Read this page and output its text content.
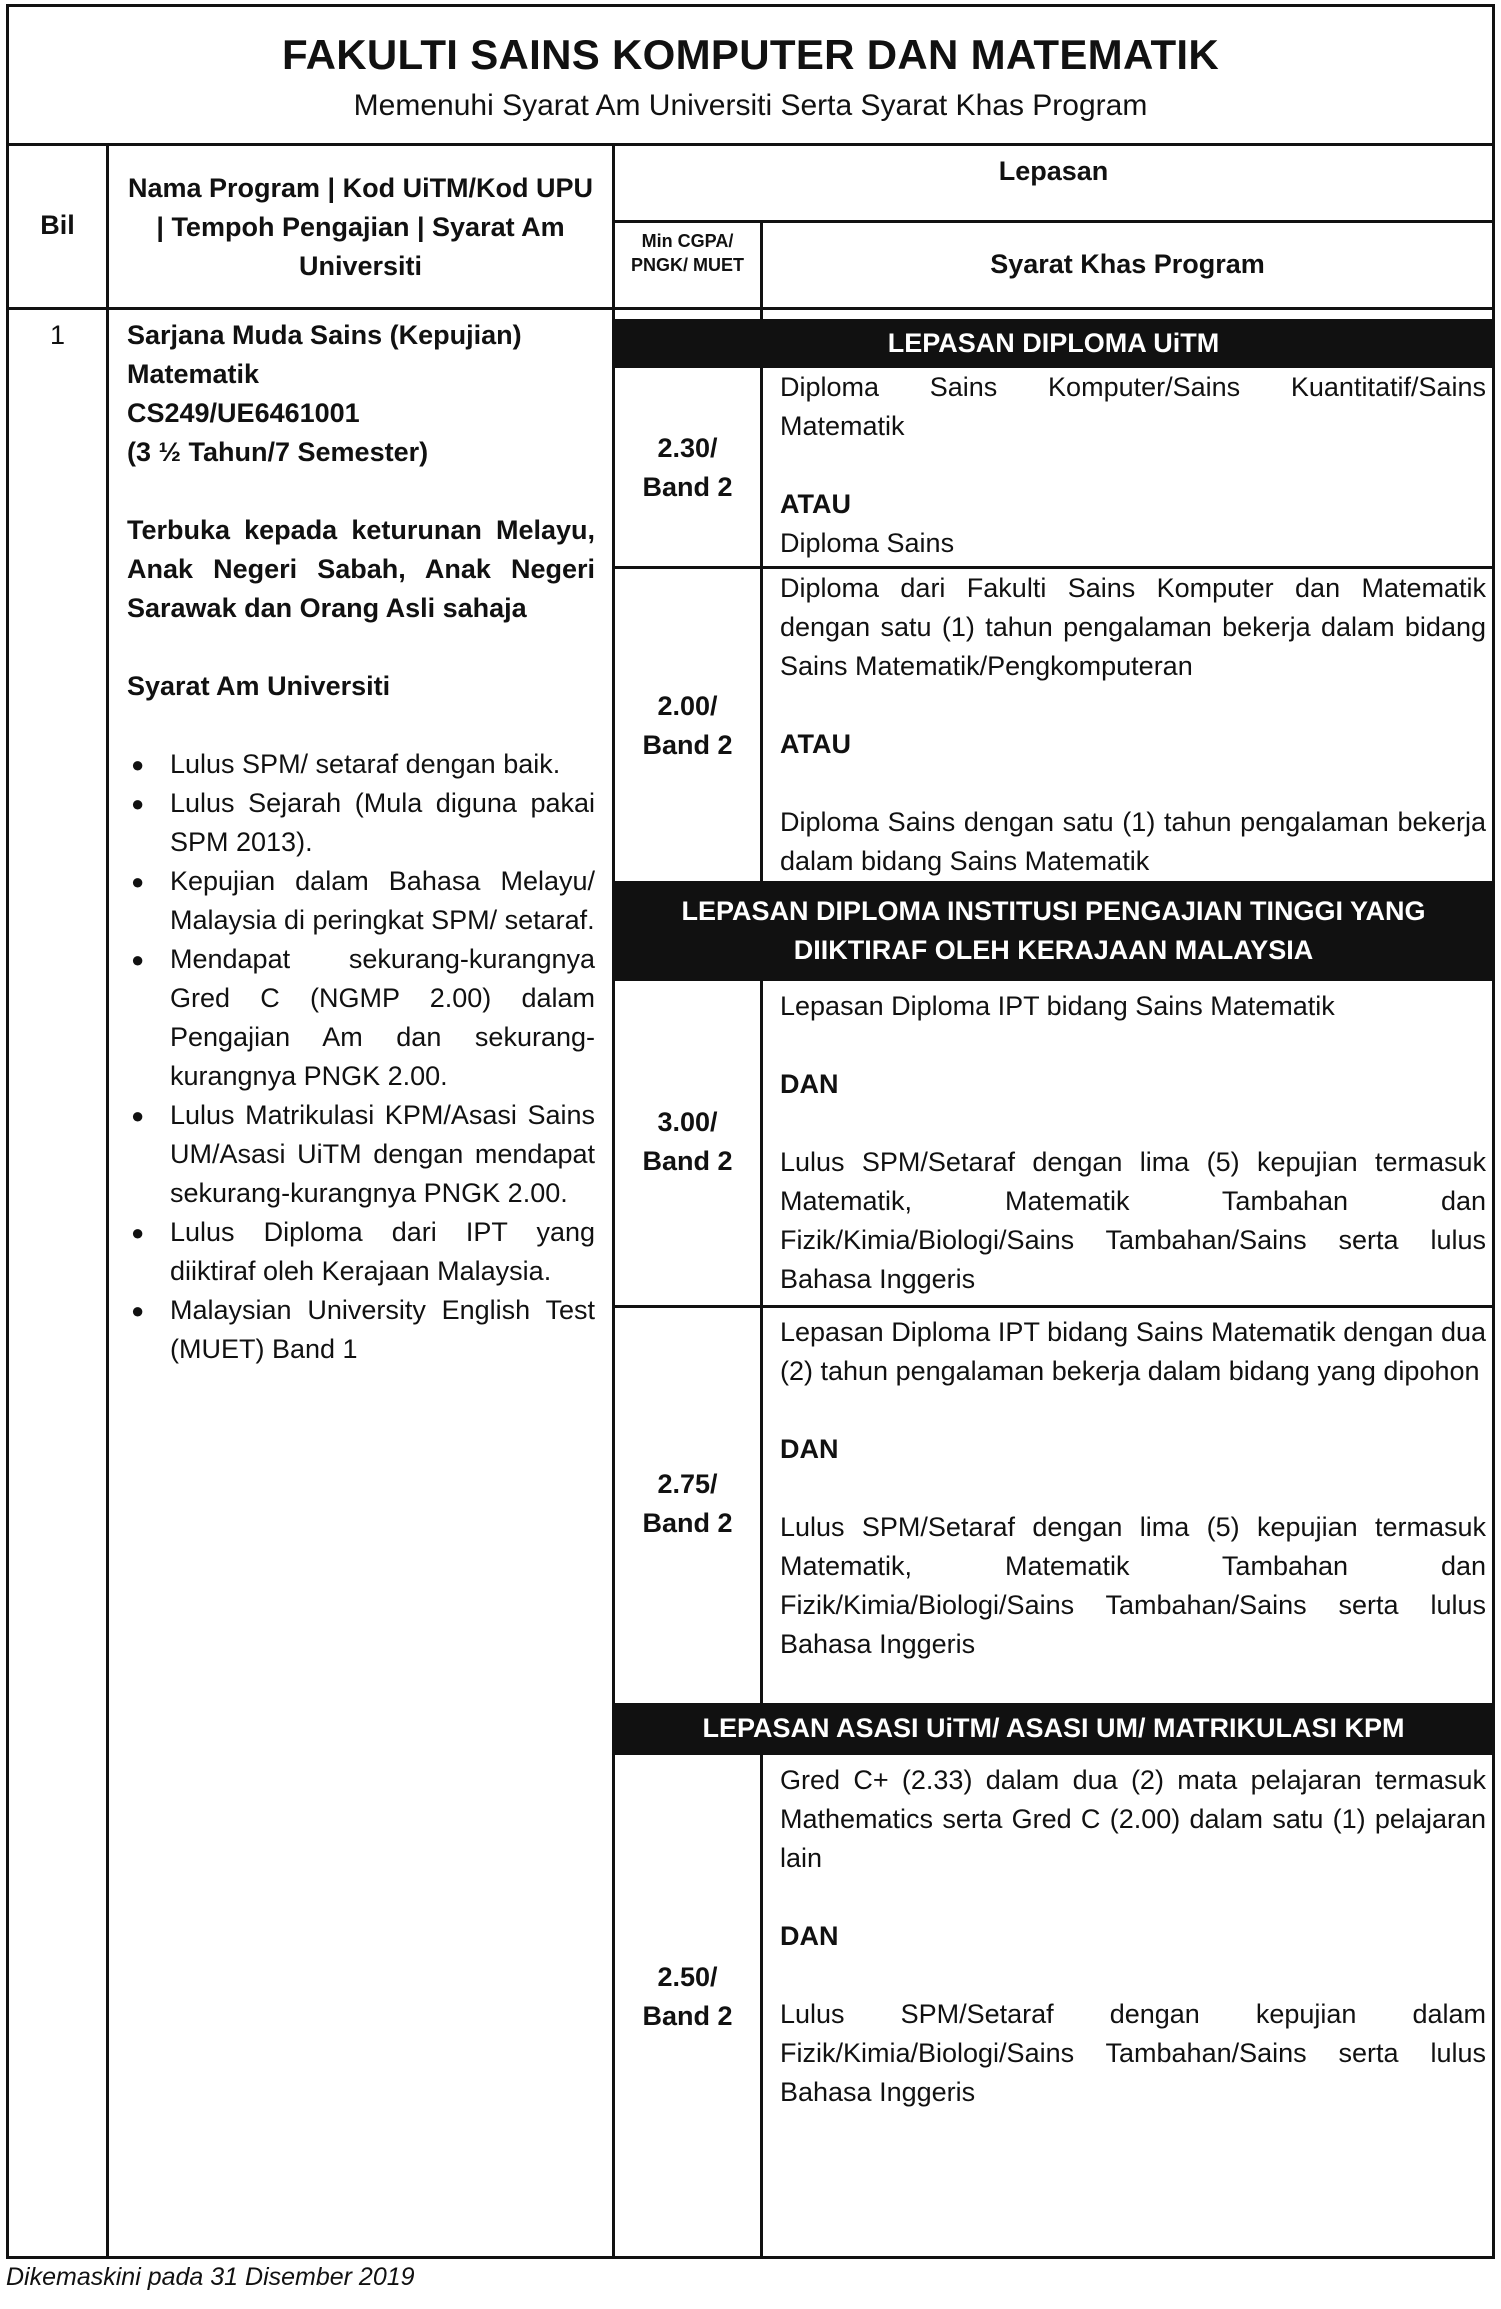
FAKULTI SAINS KOMPUTER DAN MATEMATIK
Memenuhi Syarat Am Universiti Serta Syarat Khas Program
Bil
Nama Program | Kod UiTM/Kod UPU | Tempoh Pengajian | Syarat Am Universiti
Lepasan
Min CGPA/ PNGK/ MUET	Syarat Khas Program
1	Sarjana Muda Sains (Kepujian) Matematik

CS249/UE6461001

(3 ½ Tahun/7 Semester)

Terbuka kepada keturunan Melayu, Anak Negeri Sabah, Anak Negeri Sarawak dan Orang Asli sahaja

Syarat Am Universiti

● Lulus SPM/ setaraf dengan baik.
● Lulus Sejarah (Mula diguna pakai SPM 2013).
● Kepujian dalam Bahasa Melayu/ Malaysia di peringkat SPM/ setaraf.
● Mendapat sekurang-kurangnya Gred C (NGMP 2.00) dalam Pengajian Am dan sekurang-kurangnya PNGK 2.00.
● Lulus Matrikulasi KPM/Asasi Sains UM/Asasi UiTM dengan mendapat sekurang-kurangnya PNGK 2.00.
● Lulus Diploma dari IPT yang diiktiraf oleh Kerajaan Malaysia.
● Malaysian University English Test (MUET) Band 1
LEPASAN DIPLOMA UiTM
2.30/
Band 2

Diploma Sains Komputer/Sains Kuantitatif/Sains Matematik

ATAU

Diploma Sains

2.00/
Band 2

Diploma dari Fakulti Sains Komputer dan Matematik dengan satu (1) tahun pengalaman bekerja dalam bidang Sains Matematik/Pengkomputeran

ATAU

Diploma Sains dengan satu (1) tahun pengalaman bekerja dalam bidang Sains Matematik

LEPASAN DIPLOMA INSTITUSI PENGAJIAN TINGGI YANG DIIKTIRAF OLEH KERAJAAN MALAYSIA
3.00/
Band 2

Lepasan Diploma IPT bidang Sains Matematik

DAN

Lulus SPM/Setaraf dengan lima (5) kepujian termasuk Matematik, Matematik Tambahan dan Fizik/Kimia/Biologi/Sains Tambahan/Sains serta lulus Bahasa Inggeris

2.75/
Band 2

Lepasan Diploma IPT bidang Sains Matematik dengan dua (2) tahun pengalaman bekerja dalam bidang yang dipohon

DAN

Lulus SPM/Setaraf dengan lima (5) kepujian termasuk Matematik, Matematik Tambahan dan Fizik/Kimia/Biologi/Sains Tambahan/Sains serta lulus Bahasa Inggeris

LEPASAN ASASI UiTM/ ASASI UM/ MATRIKULASI KPM
2.50/
Band 2

Gred C+ (2.33) dalam dua (2) mata pelajaran termasuk Mathematics serta Gred C (2.00) dalam satu (1) pelajaran lain

DAN

Lulus SPM/Setaraf dengan kepujian dalam Fizik/Kimia/Biologi/Sains Tambahan/Sains serta lulus Bahasa Inggeris

Dikemaskini pada 31 Disember 2019
